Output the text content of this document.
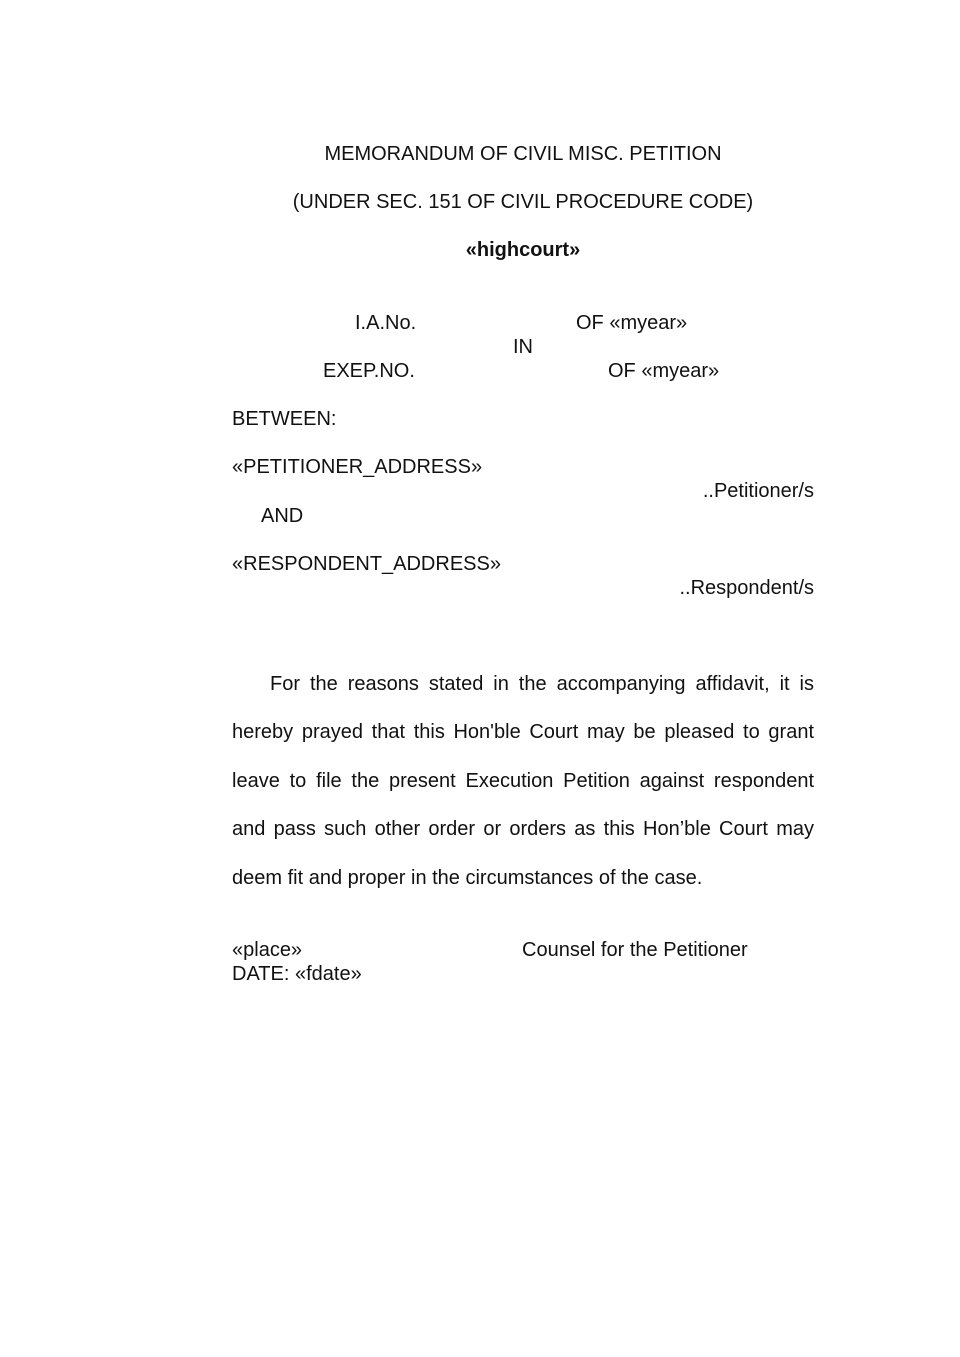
MEMORANDUM OF CIVIL MISC. PETITION
(UNDER SEC. 151 OF CIVIL PROCEDURE CODE)
«highcourt»
I.A.No.	OF «myear»
IN
EXEP.NO.	OF «myear»
BETWEEN:
«PETITIONER_ADDRESS»
..Petitioner/s
AND
«RESPONDENT_ADDRESS»
..Respondent/s
For the reasons stated in the accompanying affidavit, it is hereby prayed that this Hon'ble Court may be pleased to grant leave to file the present Execution Petition against respondent and pass such other order or orders as this Hon’ble Court may deem fit and proper in the circumstances of the case.
«place»	Counsel for the Petitioner
DATE: «fdate»
